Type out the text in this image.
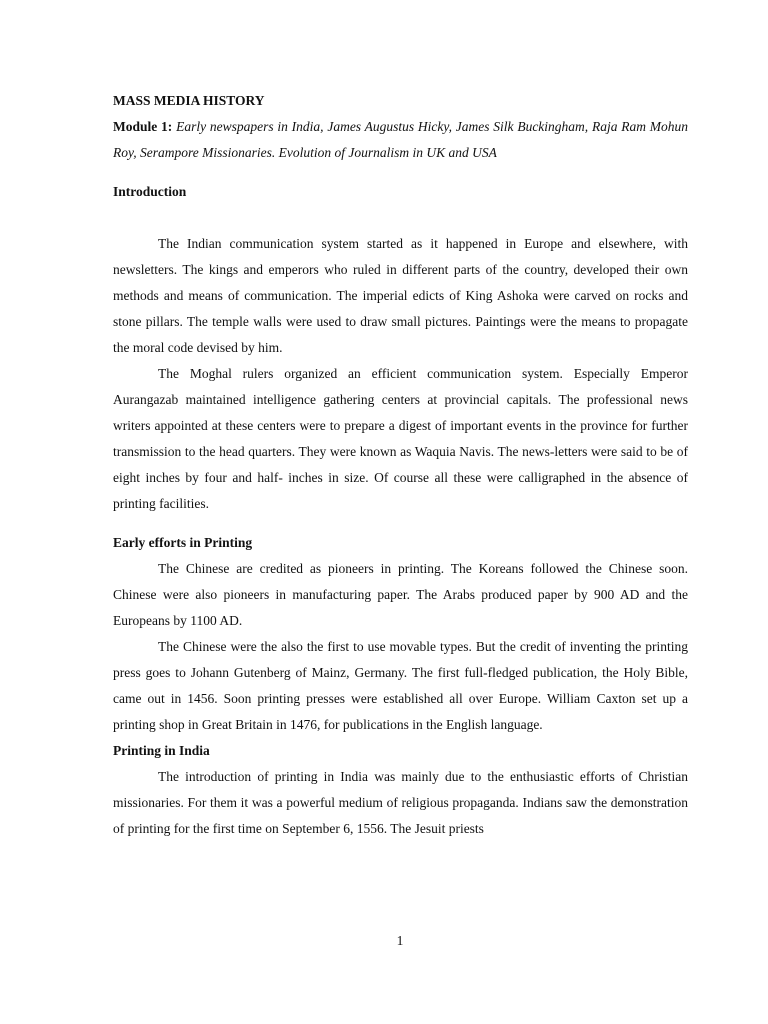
MASS MEDIA HISTORY

Module 1: Early newspapers in India, James Augustus Hicky, James Silk Buckingham, Raja Ram Mohun Roy, Serampore Missionaries. Evolution of Journalism in UK and USA

Introduction

The Indian communication system started as it happened in Europe and elsewhere, with newsletters. The kings and emperors who ruled in different parts of the country, developed their own methods and means of communication. The imperial edicts of King Ashoka were carved on rocks and stone pillars. The temple walls were used to draw small pictures. Paintings were the means to propagate the moral code devised by him.

The Moghal rulers organized an efficient communication system. Especially Emperor Aurangazab maintained intelligence gathering centers at provincial capitals. The professional news writers appointed at these centers were to prepare a digest of important events in the province for further transmission to the head quarters. They were known as Waquia Navis. The news-letters were said to be of eight inches by four and half- inches in size. Of course all these were calligraphed in the absence of printing facilities.

Early efforts in Printing

The Chinese are credited as pioneers in printing. The Koreans followed the Chinese soon. Chinese were also pioneers in manufacturing paper. The Arabs produced paper by 900 AD and the Europeans by 1100 AD.

The Chinese were the also the first to use movable types. But the credit of inventing the printing press goes to Johann Gutenberg of Mainz, Germany. The first full-fledged publication, the Holy Bible, came out in 1456. Soon printing presses were established all over Europe. William Caxton set up a printing shop in Great Britain in 1476, for publications in the English language.

Printing in India

The introduction of printing in India was mainly due to the enthusiastic efforts of Christian missionaries. For them it was a powerful medium of religious propaganda. Indians saw the demonstration of printing for the first time on September 6, 1556. The Jesuit priests

1
